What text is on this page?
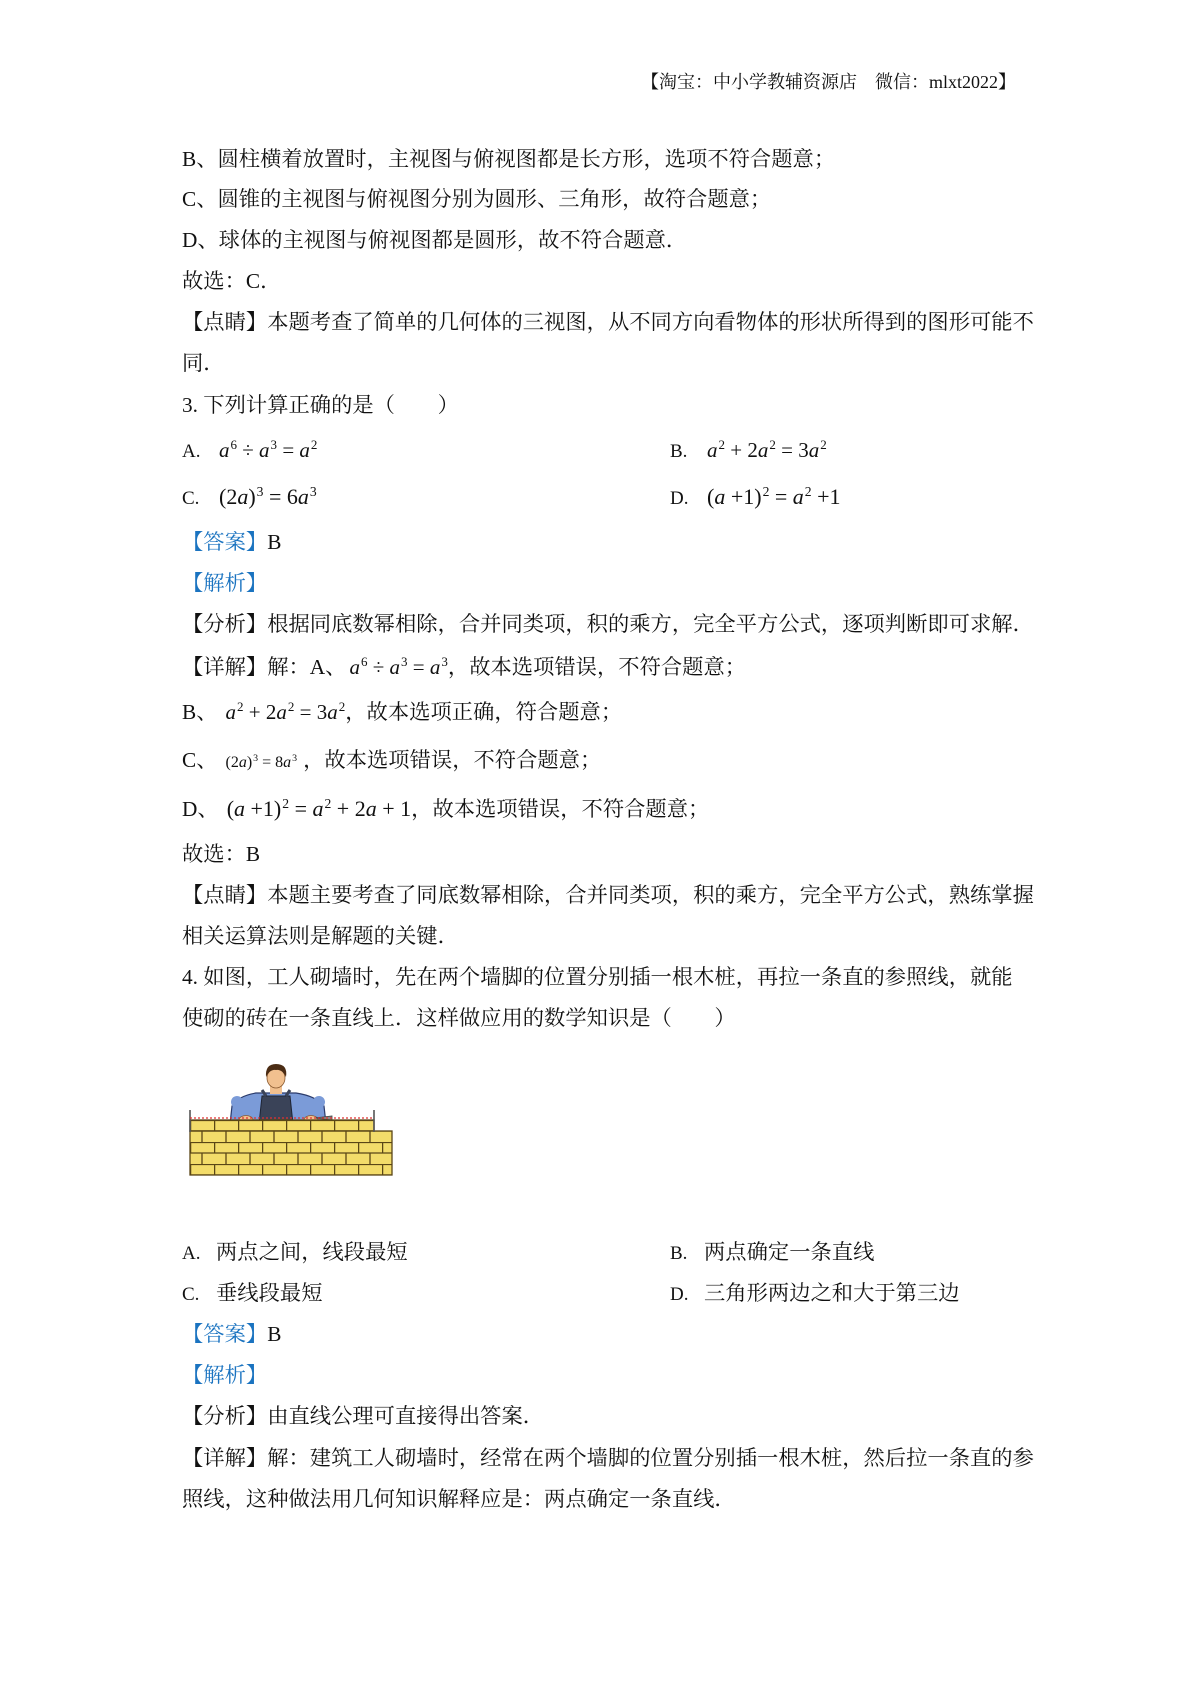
【淘宝：中小学教辅资源店　微信：mlxt2022】
B、圆柱横着放置时，主视图与俯视图都是长方形，选项不符合题意；
C、圆锥的主视图与俯视图分别为圆形、三角形，故符合题意；
D、球体的主视图与俯视图都是圆形，故不符合题意．
故选：C．
【点睛】本题考查了简单的几何体的三视图，从不同方向看物体的形状所得到的图形可能不
同．
3. 下列计算正确的是（　　）
A. $a^6 \div a^3 = a^2$	B. $a^2 + 2a^2 = 3a^2$
C. $(2a)^3 = 6a^3$	D. $(a +1)^2 = a^2 +1$
【答案】B
【解析】
【分析】根据同底数幂相除，合并同类项，积的乘方，完全平方公式，逐项判断即可求解．
【详解】解：A、 $a^6 \div a^3 = a^3$，故本选项错误，不符合题意；
B、 $a^2 + 2a^2 = 3a^2$，故本选项正确，符合题意；
C、 $(2a)^3 = 8a^3$ ，故本选项错误，不符合题意；
D、 $(a +1)^2 = a^2 + 2a + 1$，故本选项错误，不符合题意；
故选：B
【点睛】本题主要考查了同底数幂相除，合并同类项，积的乘方，完全平方公式，熟练掌握
相关运算法则是解题的关键．
4. 如图，工人砌墙时，先在两个墙脚的位置分别插一根木桩，再拉一条直的参照线，就能
使砌的砖在一条直线上．这样做应用的数学知识是（　　）
A. 两点之间，线段最短	B. 两点确定一条直线
C. 垂线段最短	D. 三角形两边之和大于第三边
【答案】B
【解析】
【分析】由直线公理可直接得出答案．
【详解】解：建筑工人砌墙时，经常在两个墙脚的位置分别插一根木桩，然后拉一条直的参
照线，这种做法用几何知识解释应是：两点确定一条直线．
